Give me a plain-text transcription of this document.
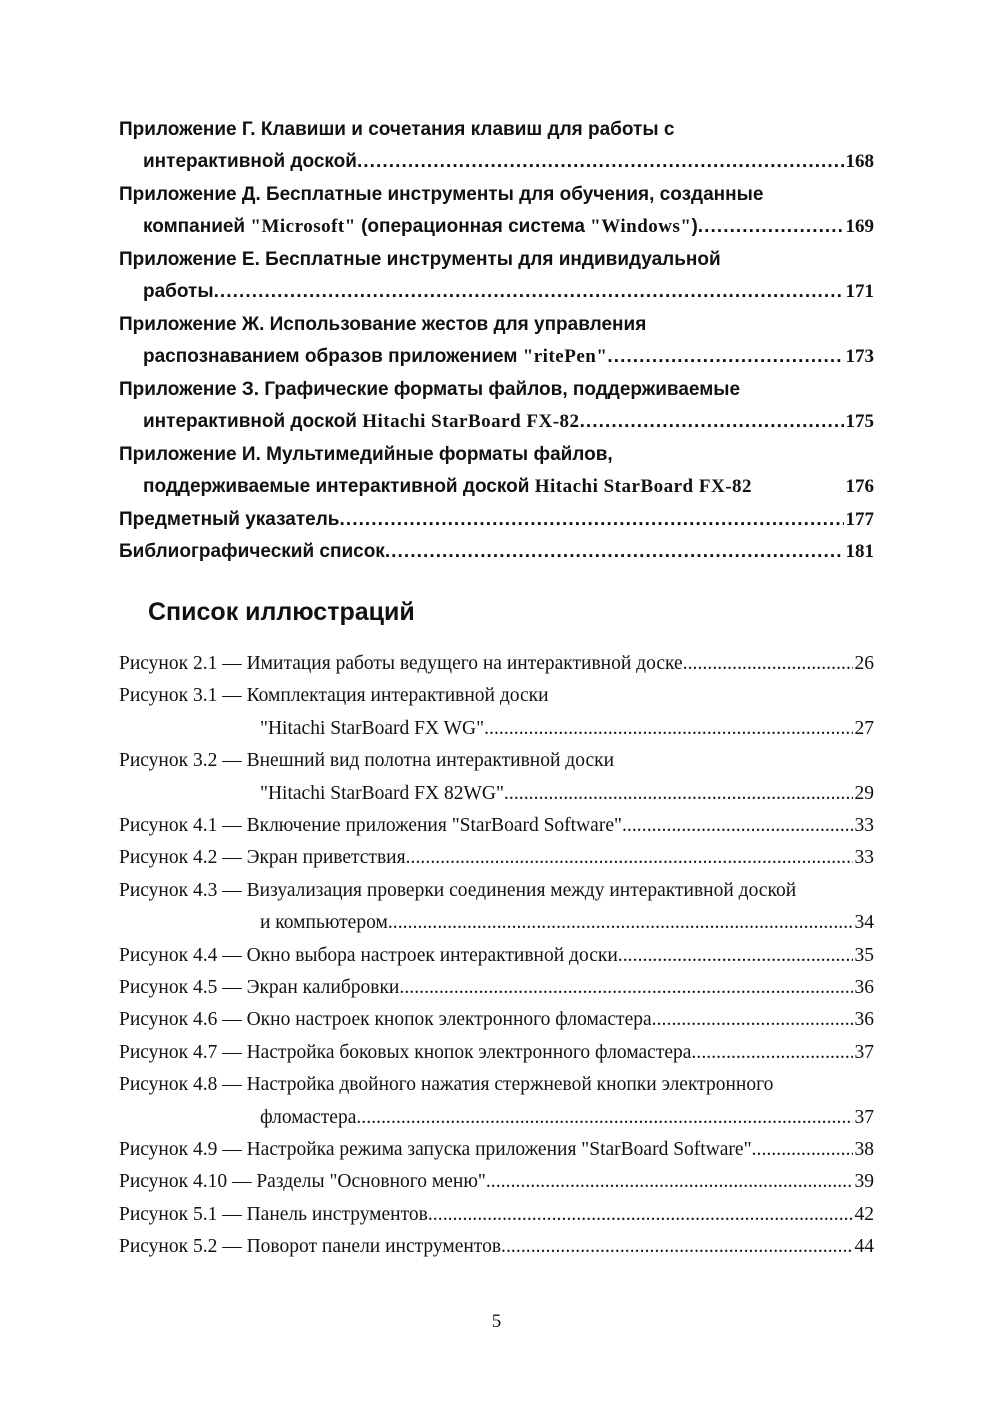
Приложение Г. Клавиши и сочетания клавиш для работы с
интерактивной доской . . .	168
Приложение Д. Бесплатные инструменты для обучения, созданные
компанией "Microsoft" (операционная система "Windows") . . .	169
Приложение Е. Бесплатные инструменты для индивидуальной
работы . . .	171
Приложение Ж. Использование жестов для управления
распознаванием образов приложением "ritePen" . . .	173
Приложение З. Графические форматы файлов, поддерживаемые
интерактивной доской Hitachi StarBoard FX-82 . . .	175
Приложение И. Мультимедийные форматы файлов,
поддерживаемые интерактивной доской Hitachi StarBoard FX-82	176
Предметный указатель . . .	177
Библиографический список . . .	181
Список иллюстраций
Рисунок 2.1 — Имитация работы ведущего на интерактивной доске . . .	26
Рисунок 3.1 — Комплектация интерактивной доски
"Hitachi StarBoard FX WG" . . .	27
Рисунок 3.2 — Внешний вид полотна интерактивной доски
"Hitachi StarBoard FX 82WG" . . .	29
Рисунок 4.1 — Включение приложения "StarBoard Software" . . .	33
Рисунок 4.2 — Экран приветствия . . .	33
Рисунок 4.3 — Визуализация проверки соединения между интерактивной доской
и компьютером . . .	34
Рисунок 4.4 — Окно выбора настроек интерактивной доски . . .	35
Рисунок 4.5 — Экран калибровки . . .	36
Рисунок 4.6 — Окно настроек кнопок электронного фломастера . . .	36
Рисунок 4.7 — Настройка боковых кнопок электронного фломастера . . .	37
Рисунок 4.8 — Настройка двойного нажатия стержневой кнопки электронного
фломастера . . .	37
Рисунок 4.9 — Настройка режима запуска приложения "StarBoard Software" . . .	38
Рисунок 4.10 — Разделы "Основного меню" . . .	39
Рисунок 5.1 — Панель инструментов . . .	42
Рисунок 5.2 — Поворот панели инструментов . . .	44
5
